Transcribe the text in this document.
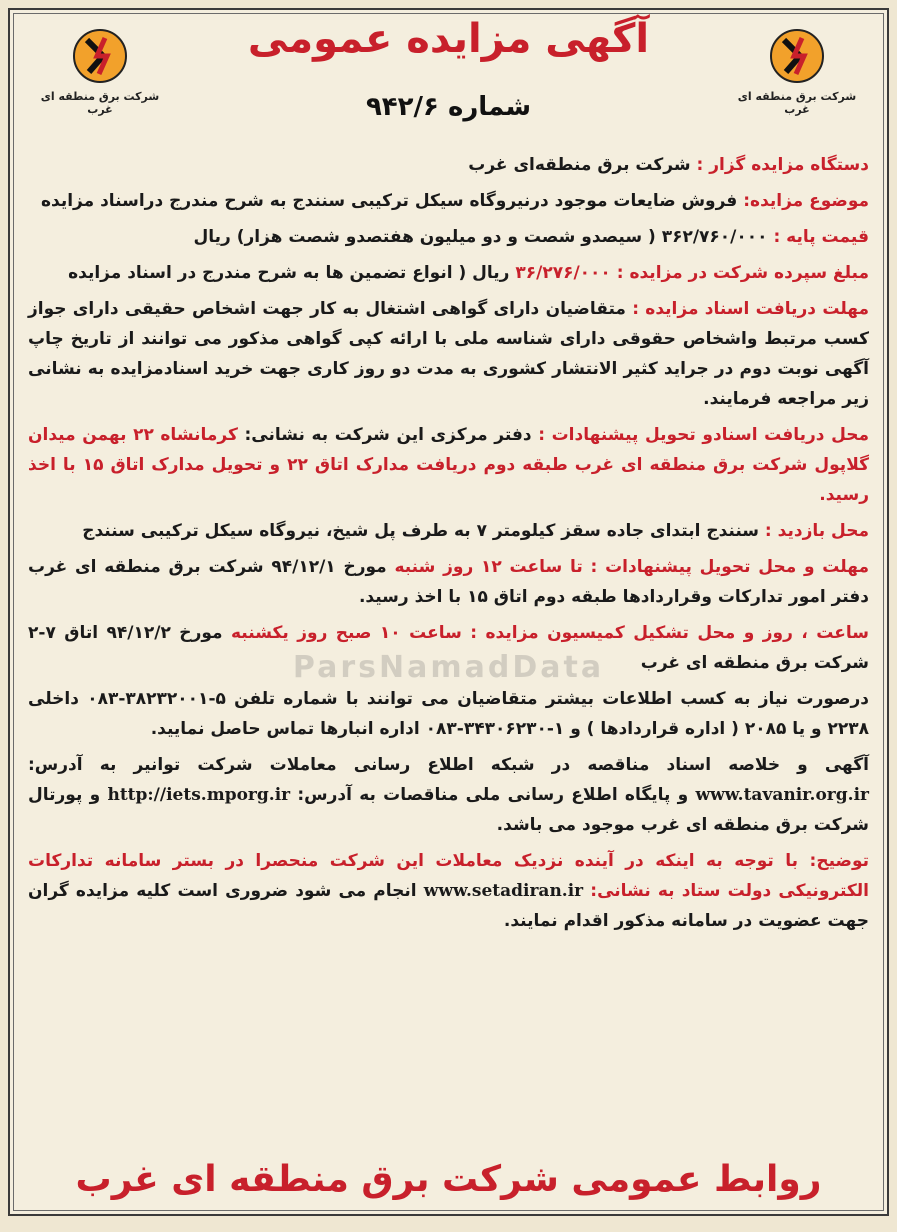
شرکت برق منطقه ای غرب
آگهی مزایده عمومی
شماره ۹۴۲/۶
شرکت برق منطقه ای غرب

دستگاه مزایده گزار : شرکت برق منطقه‌ای غرب

موضوع مزایده: فروش ضایعات موجود درنیروگاه سیکل ترکیبی سنندج به شرح مندرج دراسناد مزایده

قیمت پایه : ۳۶۲/۷۶۰/۰۰۰ ( سیصدو شصت و دو میلیون هفتصدو شصت هزار) ریال

مبلغ سپرده شرکت در مزایده : ۳۶/۲۷۶/۰۰۰ ریال ( انواع تضمین ها به شرح مندرج در اسناد مزایده

مهلت دریافت اسناد مزایده : متقاضیان دارای گواهی اشتغال به کار جهت اشخاص حقیقی دارای جواز کسب مرتبط واشخاص حقوقی دارای شناسه ملی با ارائه کپی گواهی مذکور می توانند از تاریخ چاپ آگهی نوبت دوم در جراید کثیر الانتشار کشوری به مدت دو روز کاری جهت خرید اسنادمزایده به نشانی زیر مراجعه فرمایند.

محل دریافت اسنادو تحویل پیشنهادات : دفتر مرکزی این شرکت به نشانی: کرمانشاه ۲۲ بهمن میدان گلاپول شرکت برق منطقه ای غرب طبقه دوم دریافت مدارک اتاق ۲۲ و تحویل مدارک اتاق ۱۵ با اخذ رسید.

محل بازدید : سنندج ابتدای جاده سقز کیلومتر ۷ به طرف پل شیخ، نیروگاه سیکل ترکیبی سنندج

مهلت و محل تحویل پیشنهادات : تا ساعت ۱۲ روز شنبه مورخ ۹۴/۱۲/۱ شرکت برق منطقه ای غرب دفتر امور تدارکات وقراردادها طبقه دوم اتاق ۱۵ با اخذ رسید.

ساعت ، روز و محل تشکیل کمیسیون مزایده : ساعت ۱۰ صبح روز یکشنبه مورخ ۹۴/۱۲/۲ اتاق ۷-۲ شرکت برق منطقه ای غرب

درصورت نیاز به کسب اطلاعات بیشتر متقاضیان می توانند با شماره تلفن ۵-۳۸۲۳۲۰۰۱-۰۸۳ داخلی ۲۲۳۸ و یا ۲۰۸۵ ( اداره قراردادها ) و ۱-۳۴۳۰۶۲۳۰-۰۸۳ اداره انبارها تماس حاصل نمایید.

آگهی و خلاصه اسناد مناقصه در شبکه اطلاع رسانی معاملات شرکت توانیر به آدرس: www.tavanir.org.ir و پایگاه اطلاع رسانی ملی مناقصات به آدرس: http://iets.mporg.ir و پورتال شرکت برق منطقه ای غرب موجود می باشد.

توضیح: با توجه به اینکه در آینده نزدیک معاملات این شرکت منحصرا در بستر سامانه تدارکات الکترونیکی دولت ستاد به نشانی: www.setadiran.ir انجام می شود ضروری است کلیه مزایده گران جهت عضویت در سامانه مذکور اقدام نمایند.

ParsNamadData
روابط عمومی شرکت برق منطقه ای غرب
